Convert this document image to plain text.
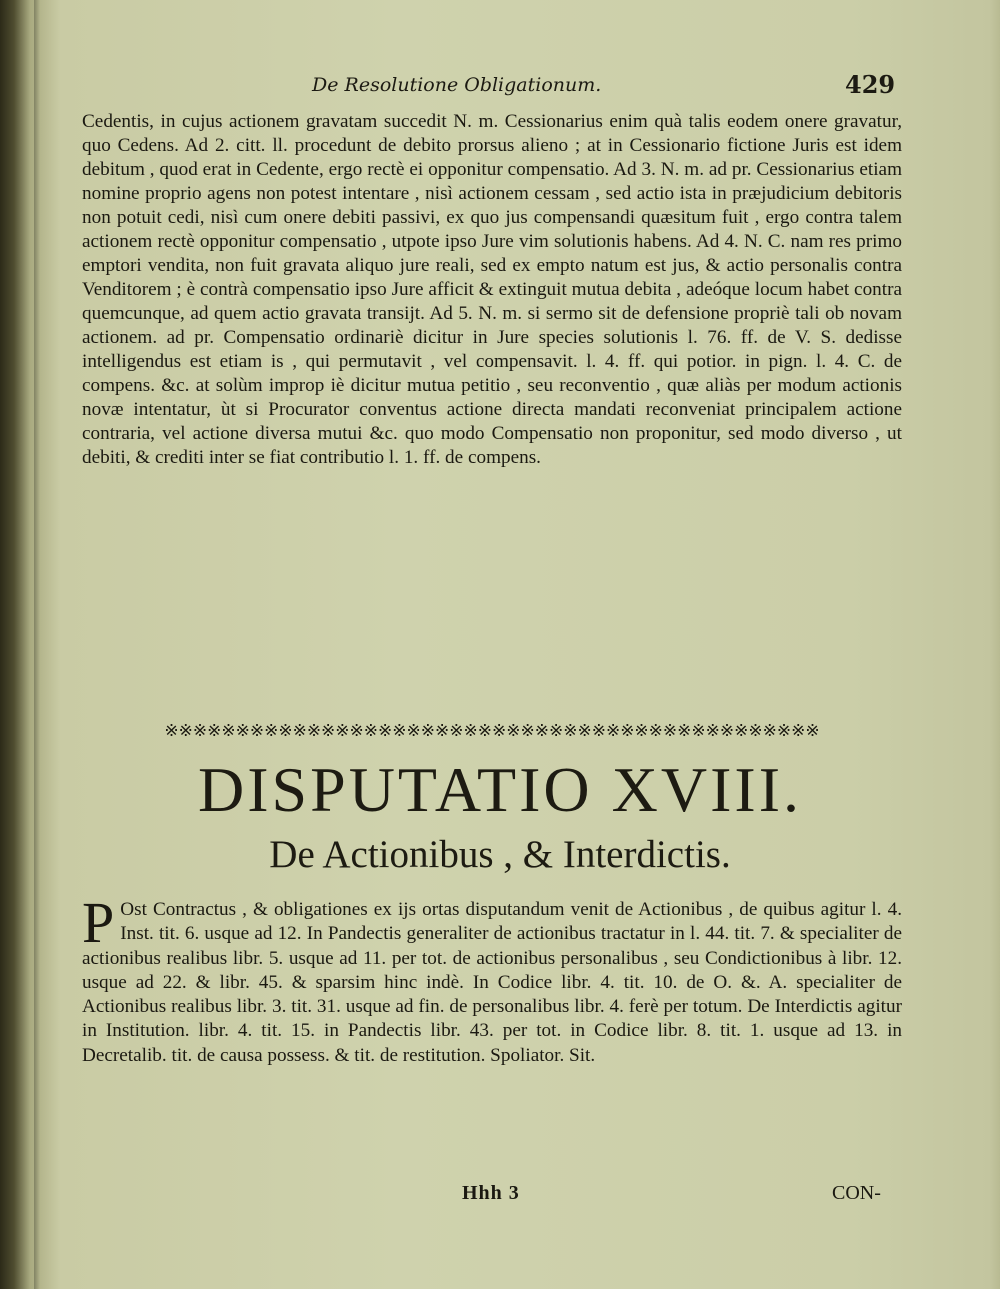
De Resolutione Obligationum.	429

Cedentis, in cujus actionem gravatam succedit N. m. Cessionarius enim quà talis eodem onere gravatur, quo Cedens. Ad 2. citt. ll. procedunt de debito prorsus alieno ; at in Cessionario fictione Juris est idem debitum , quod erat in Cedente, ergo rectè ei opponitur compensatio. Ad 3. N. m. ad pr. Cessionarius etiam nomine proprio agens non potest intentare , nisì actionem cessam , sed actio ista in præjudicium debitoris non potuit cedi, nisì cum onere debiti passivi, ex quo jus compensandi quæsitum fuit , ergo contra talem actionem rectè opponitur compensatio , utpote ipso Jure vim solutionis habens. Ad 4. N. C. nam res primo emptori vendita, non fuit gravata aliquo jure reali, sed ex empto natum est jus, & actio personalis contra Venditorem ; è contrà compensatio ipso Jure afficit & extinguit mutua debita , adeóque locum habet contra quemcunque, ad quem actio gravata transijt. Ad 5. N. m. si sermo sit de defensione propriè tali ob novam actionem. ad pr. Compensatio ordinariè dicitur in Jure species solutionis l. 76. ff. de V. S. dedisse intelligendus est etiam is , qui permutavit , vel compensavit. l. 4. ff. qui potior. in pign. l. 4. C. de compens. &c. at solùm improp iè dicitur mutua petitio , seu reconventio , quæ aliàs per modum actionis novæ intentatur, ùt si Procurator conventus actione directa mandati reconveniat principalem actione contraria, vel actione diversa mutui &c. quo modo Compensatio non proponitur, sed modo diverso , ut debiti, & crediti inter se fiat contributio l. 1. ff. de compens.

※※※※※※※※※※※※※※※※※※※※※※※※※※※※※※※※※※※※※※※※※※※※※※
DISPUTATIO XVIII.
De Actionibus , & Interdictis.
P Ost Contractus , & obligationes ex ijs ortas disputandum venit de Actionibus , de quibus agitur l. 4. Inst. tit. 6. usque ad 12. In Pandectis generaliter de actionibus tractatur in l. 44. tit. 7. & specialiter de actionibus realibus libr. 5. usque ad 11. per tot. de actionibus personalibus , seu Condictionibus à libr. 12. usque ad 22. & libr. 45. & sparsim hinc indè. In Codice libr. 4. tit. 10. de O. &. A. specialiter de Actionibus realibus libr. 3. tit. 31. usque ad fin. de personalibus libr. 4. ferè per totum. De Interdictis agitur in Institution. libr. 4. tit. 15. in Pandectis libr. 43. per tot. in Codice libr. 8. tit. 1. usque ad 13. in Decretalib. tit. de causa possess. & tit. de restitution. Spoliator. Sit.
Hhh 3	CON-
